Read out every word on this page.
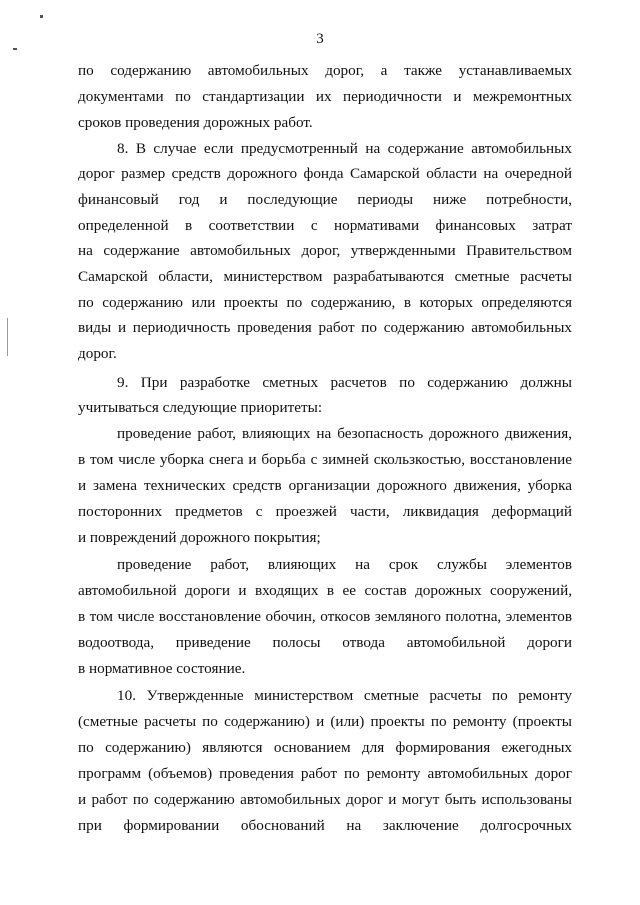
3
по содержанию автомобильных дорог, а также устанавливаемых
документами по стандартизации их периодичности и межремонтных
сроков проведения дорожных работ.
8. В случае если предусмотренный на содержание автомобильных
дорог размер средств дорожного фонда Самарской области на очередной
финансовый год и последующие периоды ниже потребности,
определенной в соответствии с нормативами финансовых затрат
на содержание автомобильных дорог, утвержденными Правительством
Самарской области, министерством разрабатываются сметные расчеты
по содержанию или проекты по содержанию, в которых определяются
виды и периодичность проведения работ по содержанию автомобильных
дорог.
9. При разработке сметных расчетов по содержанию должны
учитываться следующие приоритеты:
проведение работ, влияющих на безопасность дорожного движения,
в том числе уборка снега и борьба с зимней скользкостью, восстановление
и замена технических средств организации дорожного движения, уборка
посторонних предметов с проезжей части, ликвидация деформаций
и повреждений дорожного покрытия;
проведение работ, влияющих на срок службы элементов
автомобильной дороги и входящих в ее состав дорожных сооружений,
в том числе восстановление обочин, откосов земляного полотна, элементов
водоотвода, приведение полосы отвода автомобильной дороги
в нормативное состояние.
10. Утвержденные министерством сметные расчеты по ремонту
(сметные расчеты по содержанию) и (или) проекты по ремонту (проекты
по содержанию) являются основанием для формирования ежегодных
программ (объемов) проведения работ по ремонту автомобильных дорог
и работ по содержанию автомобильных дорог и могут быть использованы
при формировании обоснований на заключение долгосрочных
